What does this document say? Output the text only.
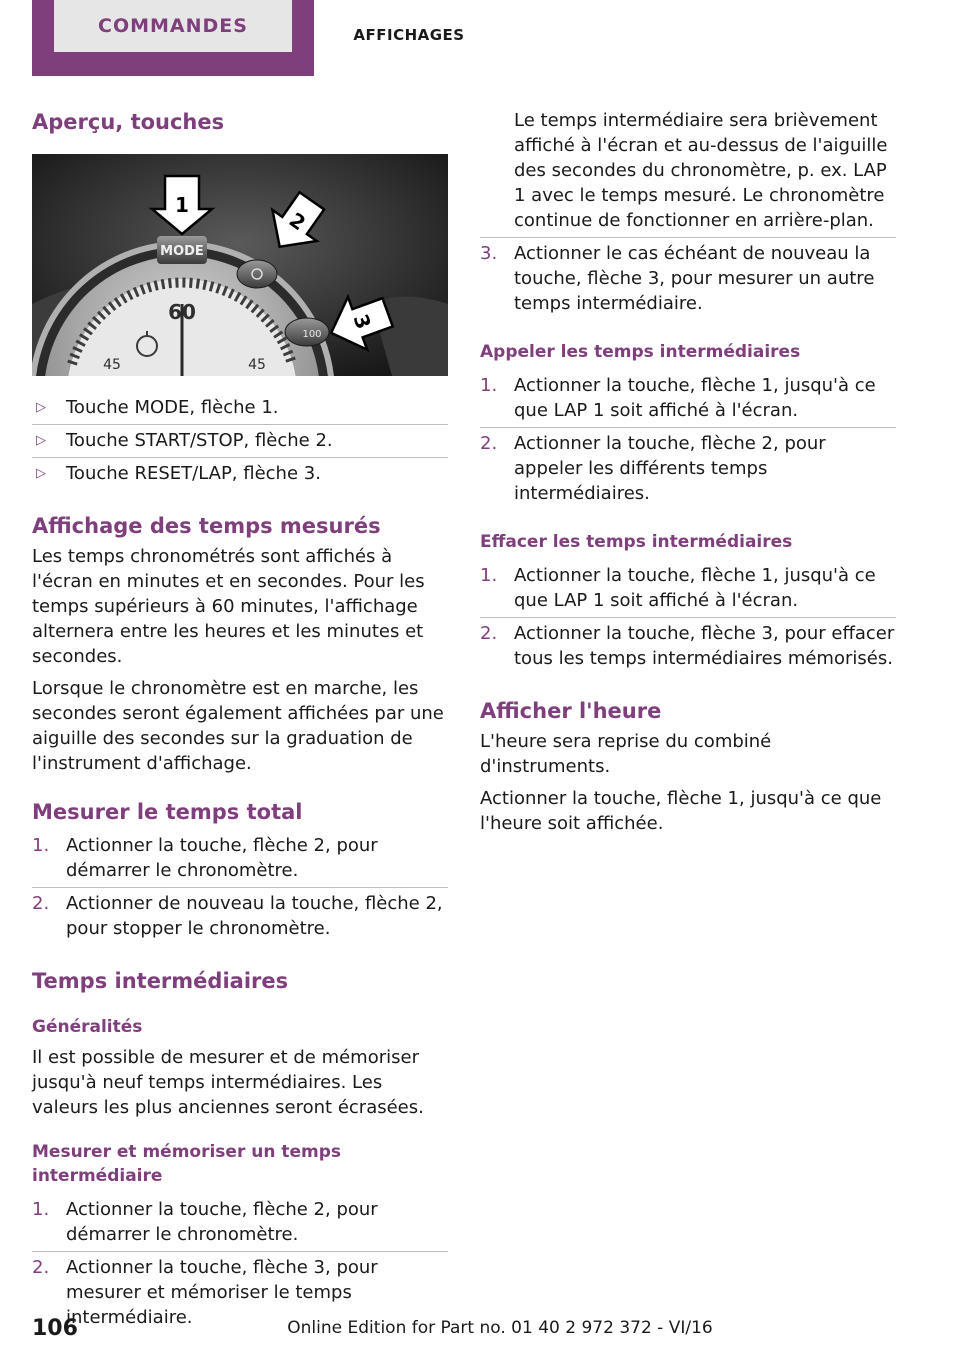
COMMANDES	AFFICHAGES
Aperçu, touches
60
45	45
MODE
100
1
2
3
▷	Touche MODE, flèche 1.
▷	Touche START/STOP, flèche 2.
▷	Touche RESET/LAP, flèche 3.
Affichage des temps mesurés

Les temps chronométrés sont affichés à l'écran en minutes et en secondes. Pour les temps supérieurs à 60 minutes, l'affichage alternera entre les heures et les minutes et secondes.

Lorsque le chronomètre est en marche, les secondes seront également affichées par une aiguille des secondes sur la graduation de l'instrument d'affichage.

Mesurer le temps total
1. Actionner la touche, flèche 2, pour démarrer le chronomètre.
2. Actionner de nouveau la touche, flèche 2, pour stopper le chronomètre.
Temps intermédiaires
Généralités

Il est possible de mesurer et de mémoriser jusqu'à neuf temps intermédiaires. Les valeurs les plus anciennes seront écrasées.

Mesurer et mémoriser un temps intermédiaire
1. Actionner la touche, flèche 2, pour démarrer le chronomètre.
2. Actionner la touche, flèche 3, pour mesurer et mémoriser le temps intermédiaire.
Le temps intermédiaire sera brièvement affiché à l'écran et au-dessus de l'aiguille des secondes du chronomètre, p. ex. LAP 1 avec le temps mesuré. Le chronomètre continue de fonctionner en arrière-plan.
3. Actionner le cas échéant de nouveau la touche, flèche 3, pour mesurer un autre temps intermédiaire.
Appeler les temps intermédiaires
1. Actionner la touche, flèche 1, jusqu'à ce que LAP 1 soit affiché à l'écran.
2. Actionner la touche, flèche 2, pour appeler les différents temps intermédiaires.
Effacer les temps intermédiaires
1. Actionner la touche, flèche 1, jusqu'à ce que LAP 1 soit affiché à l'écran.
2. Actionner la touche, flèche 3, pour effacer tous les temps intermédiaires mémorisés.
Afficher l'heure

L'heure sera reprise du combiné d'instruments.

Actionner la touche, flèche 1, jusqu'à ce que l'heure soit affichée.

106	Online Edition for Part no. 01 40 2 972 372 - VI/16
